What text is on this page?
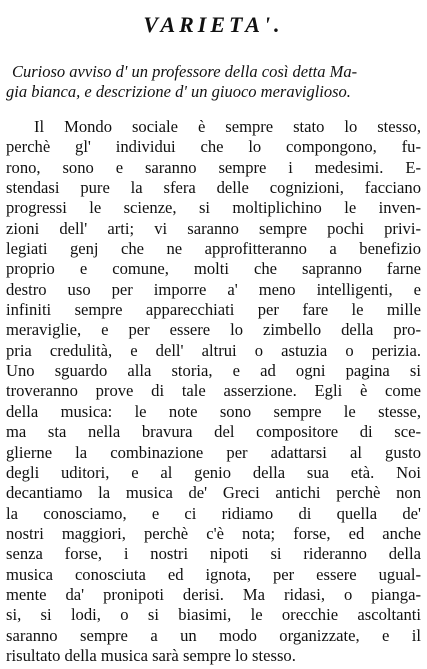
VARIETA'.
Curioso avviso d' un professore della così detta Ma-
gia bianca, e descrizione d' un giuoco meraviglioso.
Il Mondo sociale è sempre stato lo stesso,
perchè gl' individui che lo compongono, fu-
rono, sono e saranno sempre i medesimi. E-
stendasi pure la sfera delle cognizioni, facciano
progressi le scienze, si moltiplichino le inven-
zioni dell' arti; vi saranno sempre pochi privi-
legiati genj che ne approfitteranno a benefizio
proprio e comune, molti che sapranno farne
destro uso per imporre a' meno intelligenti, e
infiniti sempre apparecchiati per fare le mille
meraviglie, e per essere lo zimbello della pro-
pria credulità, e dell' altrui o astuzia o perizia.
Uno sguardo alla storia, e ad ogni pagina si
troveranno prove di tale asserzione. Egli è come
della musica: le note sono sempre le stesse,
ma sta nella bravura del compositore di sce-
glierne la combinazione per adattarsi al gusto
degli uditori, e al genio della sua età. Noi
decantiamo la musica de' Greci antichi perchè non
la conosciamo, e ci ridiamo di quella de'
nostri maggiori, perchè c'è nota; forse, ed anche
senza forse, i nostri nipoti si rideranno della
musica conosciuta ed ignota, per essere ugual-
mente da' pronipoti derisi. Ma ridasi, o pianga-
si, si lodi, o si biasimi, le orecchie ascoltanti
saranno sempre a un modo organizzate, e il
risultato della musica sarà sempre lo stesso.
